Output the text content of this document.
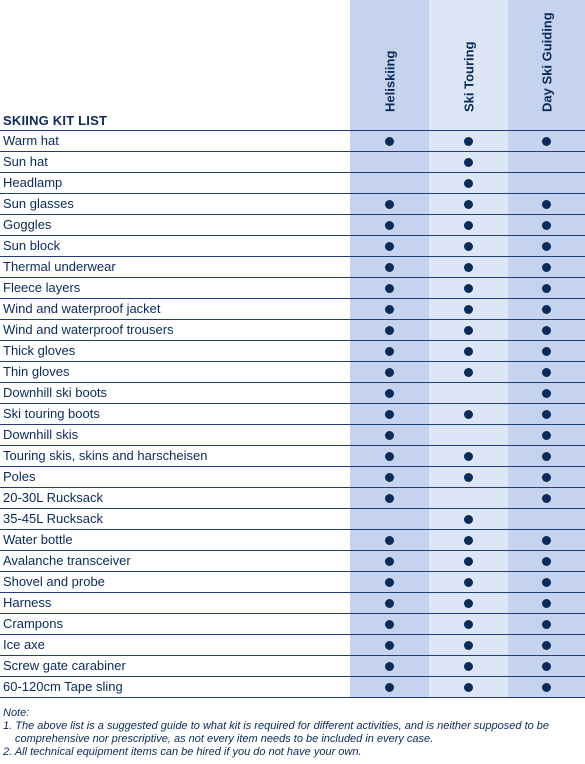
Heliskiing	Ski Touring	Day Ski Guiding
SKIING KIT LIST
Warm hat
Sun hat
Headlamp
Sun glasses
Goggles
Sun block
Thermal underwear
Fleece layers
Wind and waterproof jacket
Wind and waterproof trousers
Thick gloves
Thin gloves
Downhill ski boots
Ski touring boots
Downhill skis
Touring skis, skins and harscheisen
Poles
20-30L Rucksack
35-45L Rucksack
Water bottle
Avalanche transceiver
Shovel and probe
Harness
Crampons
Ice axe
Screw gate carabiner
60-120cm Tape sling
Note:
1. The above list is a suggested guide to what kit is required for different activities, and is neither supposed to be
comprehensive nor prescriptive, as not every item needs to be included in every case.
2. All technical equipment items can be hired if you do not have your own.
